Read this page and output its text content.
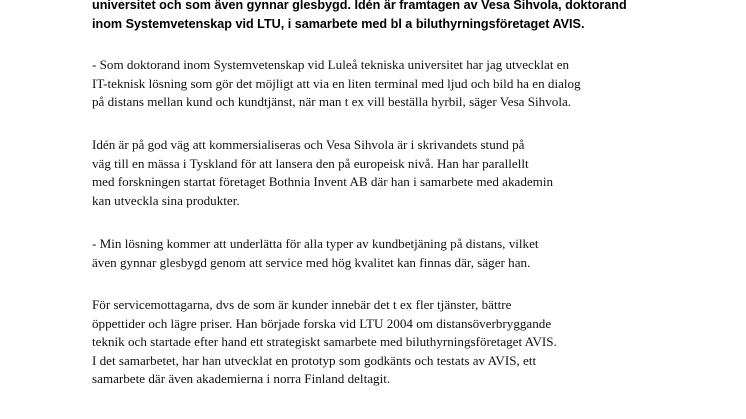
universitet och som även gynnar glesbygd. Idén är framtagen av Vesa Sihvola, doktorand
inom Systemvetenskap vid LTU, i samarbete med bl a biluthyrningsföretaget AVIS.
- Som doktorand inom Systemvetenskap vid Luleå tekniska universitet har jag utvecklat en
IT-teknisk lösning som gör det möjligt att via en liten terminal med ljud och bild ha en dialog
på distans mellan kund och kundtjänst, när man t ex vill beställa hyrbil, säger Vesa Sihvola.
Idén är på god väg att kommersialiseras och Vesa Sihvola är i skrivandets stund på
väg till en mässa i Tyskland för att lansera den på europeisk nivå. Han har parallellt
med forskningen startat företaget Bothnia Invent AB där han i samarbete med akademin
kan utveckla sina produkter.
- Min lösning kommer att underlätta för alla typer av kundbetjäning på distans, vilket
även gynnar glesbygd genom att service med hög kvalitet kan finnas där, säger han.
För servicemottagarna, dvs de som är kunder innebär det t ex fler tjänster, bättre
öppettider och lägre priser. Han började forska vid LTU 2004 om distansöverbryggande
teknik och startade efter hand ett strategiskt samarbete med biluthyrningsföretaget AVIS.
I det samarbetet, har han utvecklat en prototyp som godkänts och testats av AVIS, ett
samarbete där även akademierna i norra Finland deltagit.
